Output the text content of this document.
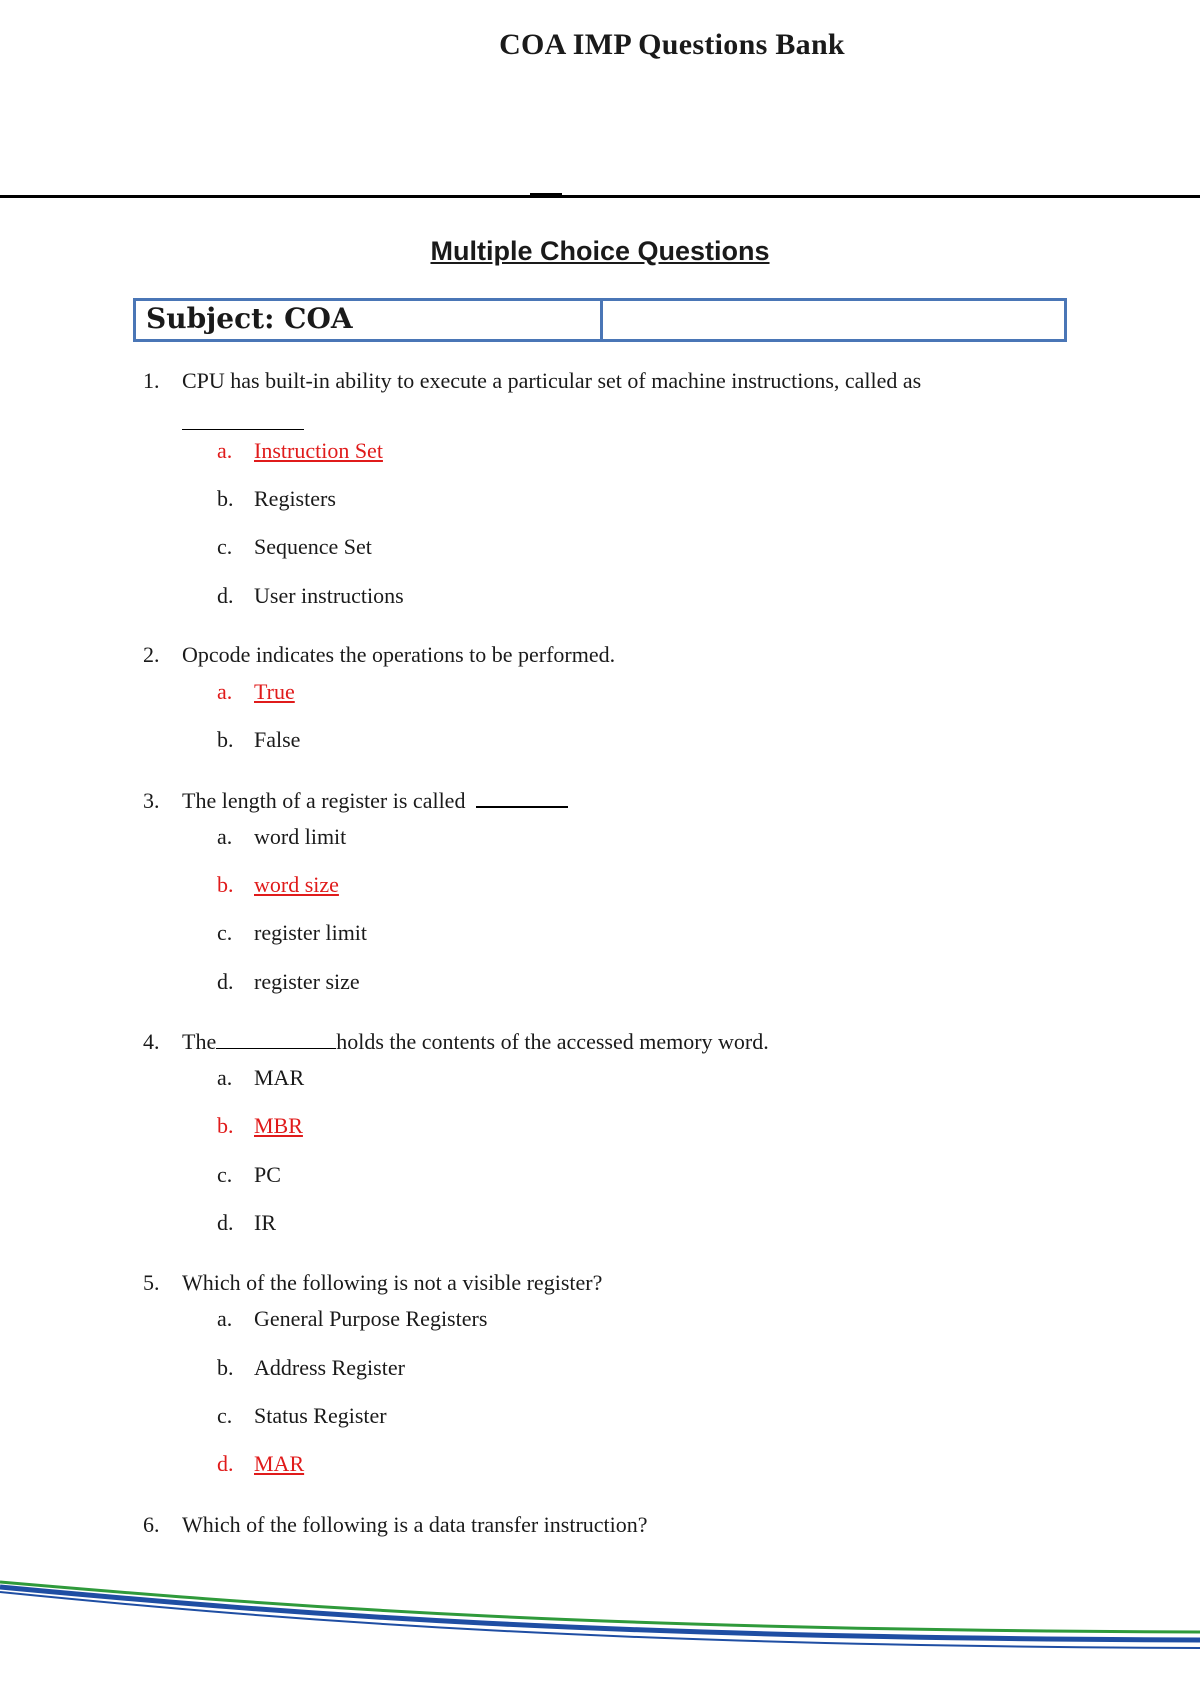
COA IMP Questions Bank
Multiple Choice Questions
Subject: COA
1. CPU has built-in ability to execute a particular set of machine instructions, called as
a. Instruction Set
b. Registers
c. Sequence Set
d. User instructions
2. Opcode indicates the operations to be performed.
a. True
b. False
3. The length of a register is called
a. word limit
b. word size
c. register limit
d. register size
4. The	holds the contents of the accessed memory word.
a. MAR
b. MBR
c. PC
d. IR
5. Which of the following is not a visible register?
a. General Purpose Registers
b. Address Register
c. Status Register
d. MAR
6. Which of the following is a data transfer instruction?
